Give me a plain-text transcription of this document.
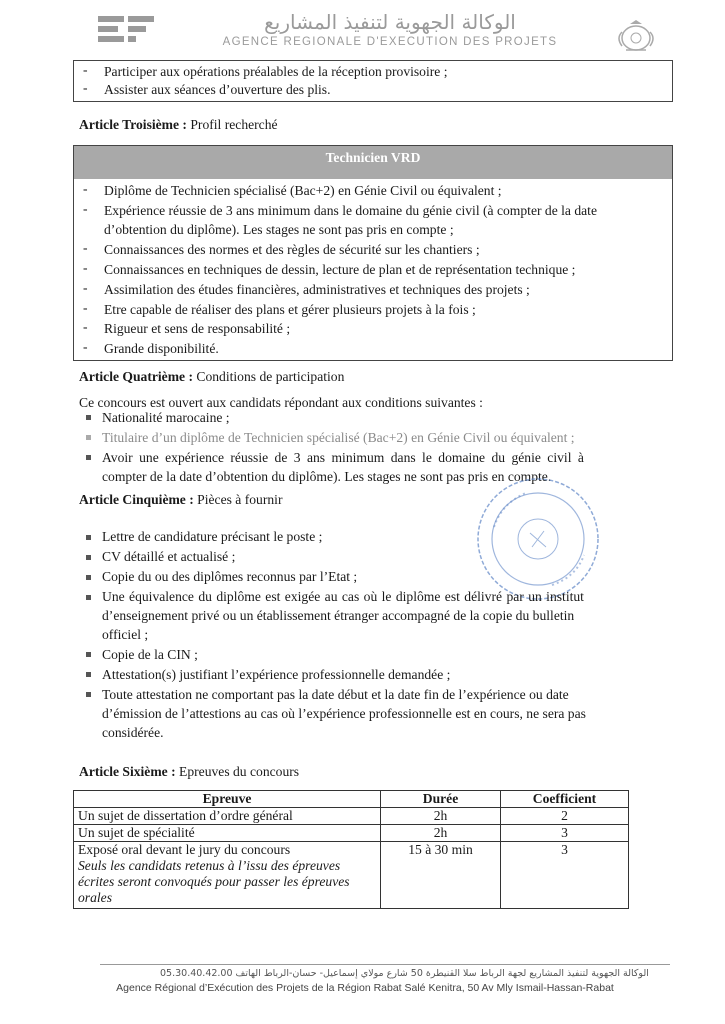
الوكالة الجهوية لتنفيذ المشاريع
AGENCE REGIONALE D'EXECUTION DES PROJETS
- Participer aux opérations préalables de la réception provisoire ;
- Assister aux séances d’ouverture des plis.
Article Troisième : Profil recherché
Technicien VRD
- Diplôme de Technicien spécialisé (Bac+2) en Génie Civil ou équivalent ;
- Expérience réussie de 3 ans minimum dans le domaine du génie civil (à compter de la date
d’obtention du diplôme). Les stages ne sont pas pris en compte ;
- Connaissances des normes et des règles de sécurité sur les chantiers ;
- Connaissances en techniques de dessin, lecture de plan et de représentation technique ;
- Assimilation des études financières, administratives et techniques des projets ;
- Etre capable de réaliser des plans et gérer plusieurs projets à la fois ;
- Rigueur et sens de responsabilité ;
- Grande disponibilité.
Article Quatrième : Conditions de participation
Ce concours est ouvert aux candidats répondant aux conditions suivantes :
Nationalité marocaine ;
Titulaire d’un diplôme de Technicien spécialisé (Bac+2) en Génie Civil ou équivalent ;
Avoir une expérience réussie de 3 ans minimum dans le domaine du génie civil à
compter de la date d’obtention du diplôme). Les stages ne sont pas pris en compte.
Article Cinquième : Pièces à fournir
Lettre de candidature précisant le poste ;
CV détaillé et actualisé ;
Copie du ou des diplômes reconnus par l’Etat ;
Une équivalence du diplôme est exigée au cas où le diplôme est délivré par un institut
d’enseignement privé ou un établissement étranger accompagné de la copie du bulletin
officiel ;
Copie de la CIN ;
Attestation(s) justifiant l’expérience professionnelle demandée ;
Toute attestation ne comportant pas la date début et la date fin de l’expérience ou date
d’émission de l’attestions au cas où l’expérience professionnelle est en cours, ne sera pas
considérée.
Article Sixième : Epreuves du concours
Epreuve	Durée	Coefficient
Un sujet de dissertation d’ordre général	2h	2
Un sujet de spécialité	2h	3

Exposé oral devant le jury du concours
Seuls les candidats retenus à l’issu des épreuves écrites seront convoqués pour passer les épreuves orales	15 à 30 min	3
الوكالة الجهوية لتنفيذ المشاريع لجهة الرباط سلا القنيطرة 50 شارع مولاي إسماعيل- حسان-الرباط الهاتف 05.30.40.42.00
Agence Régional d’Exécution des Projets de la Région Rabat Salé Kenitra, 50 Av Mly Ismail-Hassan-Rabat
